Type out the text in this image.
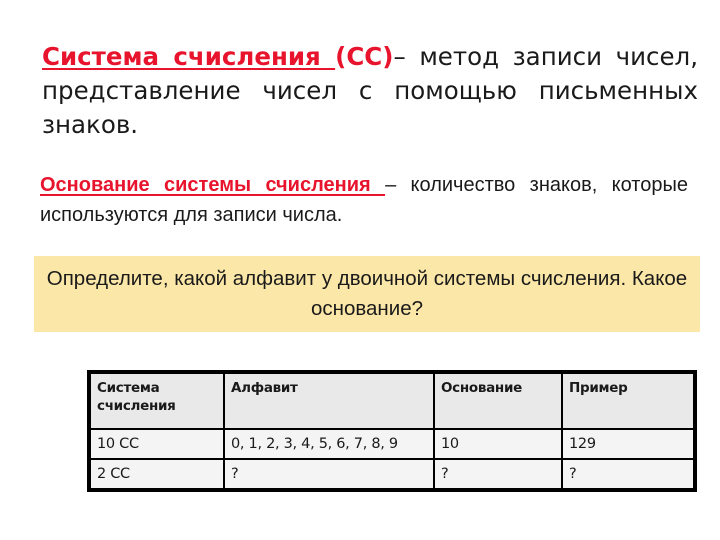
Система счисления (СС)– метод записи чисел, представление чисел с помощью письменных знаков.

Основание системы счисления – количество знаков, которые используются для записи числа.

Определите, какой алфавит у двоичной системы счисления. Какое основание?
Система счисления	Алфавит	Основание	Пример
10 СС	0, 1, 2, 3, 4, 5, 6, 7, 8, 9	10	129
2 СС	?	?	?
